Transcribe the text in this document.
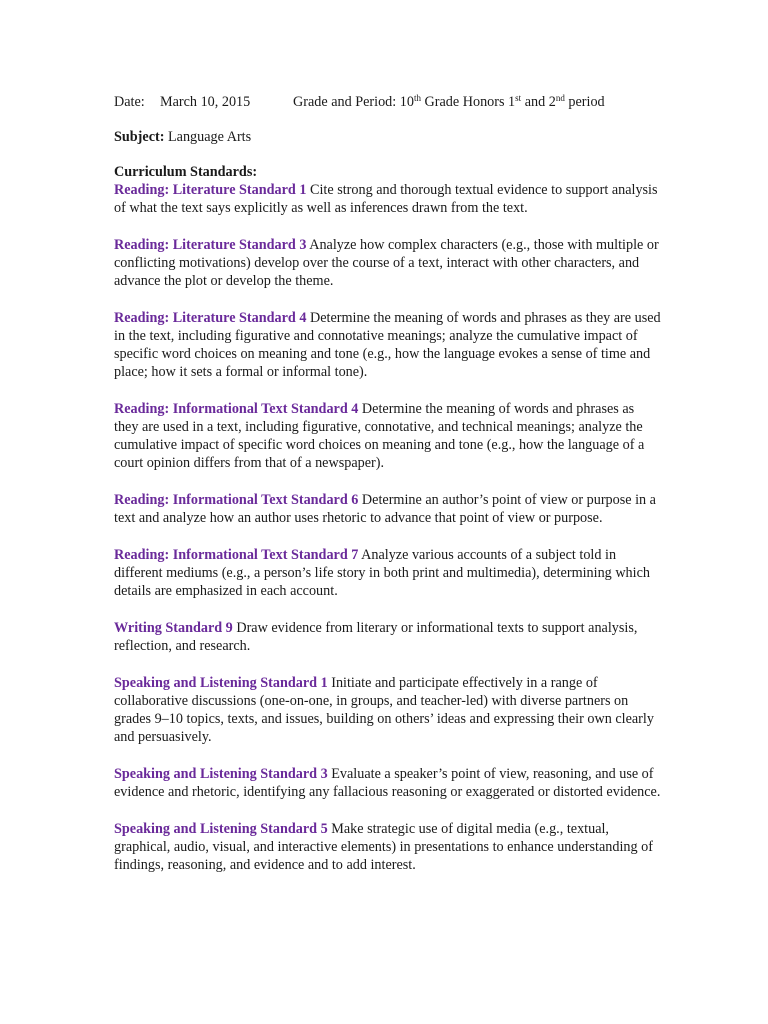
Date:	March 10, 2015	Grade and Period: 10th Grade Honors 1st and 2nd period

Subject: Language Arts

Curriculum Standards:

Reading: Literature Standard 1 Cite strong and thorough textual evidence to support analysis of what the text says explicitly as well as inferences drawn from the text.

Reading: Literature Standard 3 Analyze how complex characters (e.g., those with multiple or conflicting motivations) develop over the course of a text, interact with other characters, and advance the plot or develop the theme.

Reading: Literature Standard 4 Determine the meaning of words and phrases as they are used in the text, including figurative and connotative meanings; analyze the cumulative impact of specific word choices on meaning and tone (e.g., how the language evokes a sense of time and place; how it sets a formal or informal tone).

Reading: Informational Text Standard 4 Determine the meaning of words and phrases as they are used in a text, including figurative, connotative, and technical meanings; analyze the cumulative impact of specific word choices on meaning and tone (e.g., how the language of a court opinion differs from that of a newspaper).

Reading: Informational Text Standard 6 Determine an author’s point of view or purpose in a text and analyze how an author uses rhetoric to advance that point of view or purpose.

Reading: Informational Text Standard 7 Analyze various accounts of a subject told in different mediums (e.g., a person’s life story in both print and multimedia), determining which details are emphasized in each account.

Writing Standard 9 Draw evidence from literary or informational texts to support analysis, reflection, and research.

Speaking and Listening Standard 1 Initiate and participate effectively in a range of collaborative discussions (one-on-one, in groups, and teacher-led) with diverse partners on grades 9–10 topics, texts, and issues, building on others’ ideas and expressing their own clearly and persuasively.

Speaking and Listening Standard 3 Evaluate a speaker’s point of view, reasoning, and use of evidence and rhetoric, identifying any fallacious reasoning or exaggerated or distorted evidence.

Speaking and Listening Standard 5 Make strategic use of digital media (e.g., textual, graphical, audio, visual, and interactive elements) in presentations to enhance understanding of findings, reasoning, and evidence and to add interest.
